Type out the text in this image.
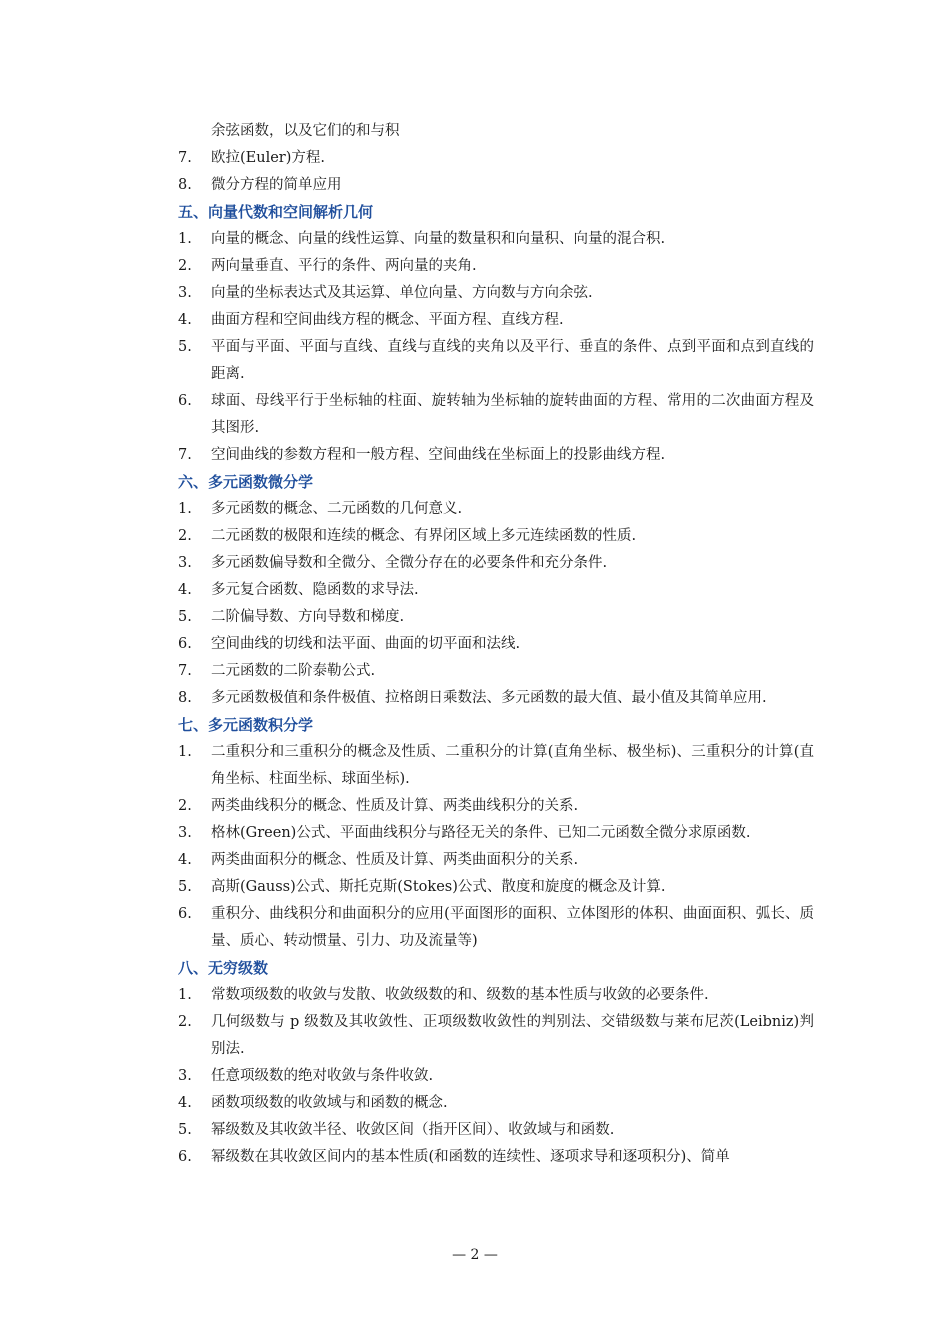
余弦函数，以及它们的和与积
7.	欧拉(Euler)方程.
8.	微分方程的简单应用
五、向量代数和空间解析几何
1.	向量的概念、向量的线性运算、向量的数量积和向量积、向量的混合积.
2.	两向量垂直、平行的条件、两向量的夹角.
3.	向量的坐标表达式及其运算、单位向量、方向数与方向余弦.
4.	曲面方程和空间曲线方程的概念、平面方程、直线方程.
5.	平面与平面、平面与直线、直线与直线的夹角以及平行、垂直的条件、点到平面和点到直线的距离.
6.	球面、母线平行于坐标轴的柱面、旋转轴为坐标轴的旋转曲面的方程、常用的二次曲面方程及其图形.
7.	空间曲线的参数方程和一般方程、空间曲线在坐标面上的投影曲线方程.
六、多元函数微分学
1.	多元函数的概念、二元函数的几何意义.
2.	二元函数的极限和连续的概念、有界闭区域上多元连续函数的性质.
3.	多元函数偏导数和全微分、全微分存在的必要条件和充分条件.
4.	多元复合函数、隐函数的求导法.
5.	二阶偏导数、方向导数和梯度.
6.	空间曲线的切线和法平面、曲面的切平面和法线.
7.	二元函数的二阶泰勒公式.
8.	多元函数极值和条件极值、拉格朗日乘数法、多元函数的最大值、最小值及其简单应用.
七、多元函数积分学
1.	二重积分和三重积分的概念及性质、二重积分的计算(直角坐标、极坐标)、三重积分的计算(直角坐标、柱面坐标、球面坐标).
2.	两类曲线积分的概念、性质及计算、两类曲线积分的关系.
3.	格林(Green)公式、平面曲线积分与路径无关的条件、已知二元函数全微分求原函数.
4.	两类曲面积分的概念、性质及计算、两类曲面积分的关系.
5.	高斯(Gauss)公式、斯托克斯(Stokes)公式、散度和旋度的概念及计算.
6.	重积分、曲线积分和曲面积分的应用(平面图形的面积、立体图形的体积、曲面面积、弧长、质量、质心、转动惯量、引力、功及流量等)
八、无穷级数
1.	常数项级数的收敛与发散、收敛级数的和、级数的基本性质与收敛的必要条件.
2.	几何级数与 p 级数及其收敛性、正项级数收敛性的判别法、交错级数与莱布尼茨(Leibniz)判别法.
3.	任意项级数的绝对收敛与条件收敛.
4.	函数项级数的收敛域与和函数的概念.
5.	幂级数及其收敛半径、收敛区间（指开区间）、收敛域与和函数.
6.	幂级数在其收敛区间内的基本性质(和函数的连续性、逐项求导和逐项积分)、简单
— 2 —
